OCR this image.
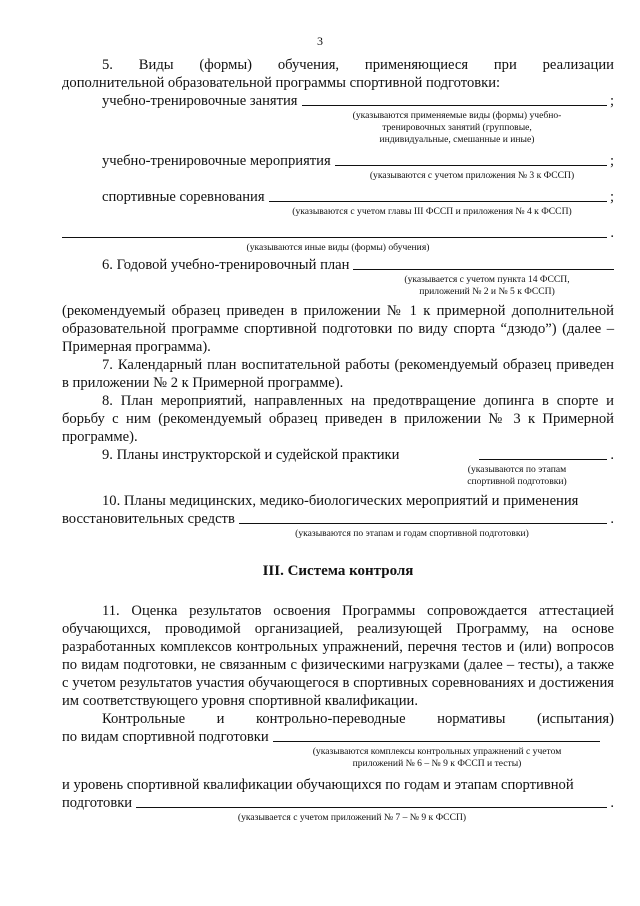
3
5. Виды (формы) обучения, применяющиеся при реализации

дополнительной образовательной программы спортивной подготовки:

учебно-тренировочные занятия	;
(указываются применяемые виды (формы) учебно-тренировочных занятий (групповые, индивидуальные, смешанные и иные)
учебно-тренировочные мероприятия	;
(указываются с учетом приложения № 3 к ФССП)
спортивные соревнования	;
(указываются с учетом главы III ФССП и приложения № 4 к ФССП)
.
(указываются иные виды (формы) обучения)
6. Годовой учебно-тренировочный план
(указывается с учетом пункта 14 ФССП, приложений № 2 и № 5 к ФССП)

(рекомендуемый образец приведен в приложении № 1 к примерной дополнительной образовательной программе спортивной подготовки по виду спорта “дзюдо”) (далее – Примерная программа).

7. Календарный план воспитательной работы (рекомендуемый образец приведен в приложении № 2 к Примерной программе).

8. План мероприятий, направленных на предотвращение допинга в спорте и борьбу с ним (рекомендуемый образец приведен в приложении № 3 к Примерной программе).

9. Планы инструкторской и судейской практики	.
(указываются по этапам спортивной подготовки)

10. Планы медицинских, медико-биологических мероприятий и применения

восстановительных средств	.
(указываются по этапам и годам спортивной подготовки)
III. Система контроля

11. Оценка результатов освоения Программы сопровождается аттестацией обучающихся, проводимой организацией, реализующей Программу, на основе разработанных комплексов контрольных упражнений, перечня тестов и (или) вопросов по видам подготовки, не связанным с физическими нагрузками (далее – тесты), а также с учетом результатов участия обучающегося в спортивных соревнованиях и достижения им соответствующего уровня спортивной квалификации.

Контрольные и контрольно-переводные нормативы (испытания)
по видам спортивной подготовки
(указываются комплексы контрольных упражнений с учетом приложений № 6 – № 9 к ФССП и тесты)

и уровень спортивной квалификации обучающихся по годам и этапам спортивной

подготовки	.
(указывается с учетом приложений № 7 – № 9 к ФССП)
